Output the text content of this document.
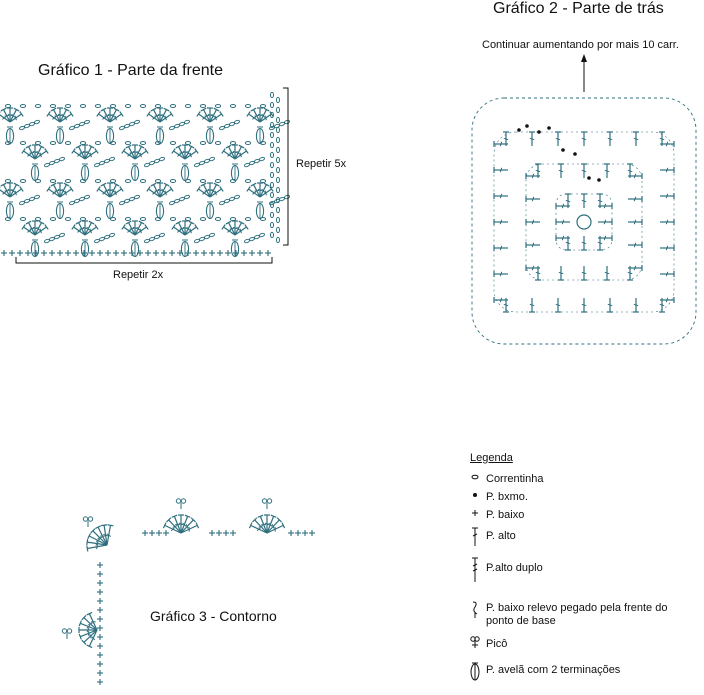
Gráfico 1 - Parte da frente
Repetir 5x
Repetir 2x
Gráfico 2 - Parte de trás
Continuar aumentando por mais 10 carr.
Gráfico 3 - Contorno
Legenda
Correntinha
P. bxmo.
P. baixo
P. alto
P.alto duplo
P. baixo relevo pegado pela frente do ponto de base
Picô
P. avelã com 2 terminações
